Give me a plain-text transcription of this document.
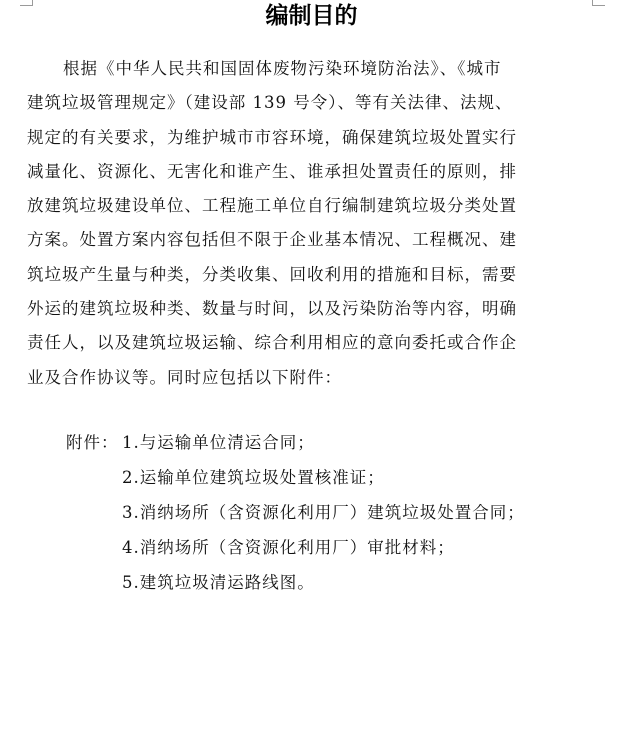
编制目的
根据《中华人民共和国固体废物污染环境防治法》、《城市
建筑垃圾管理规定》（建设部 139 号令）、等有关法律、法规、
规定的有关要求，为维护城市市容环境，确保建筑垃圾处置实行
减量化、资源化、无害化和谁产生、谁承担处置责任的原则，排
放建筑垃圾建设单位、工程施工单位自行编制建筑垃圾分类处置
方案。处置方案内容包括但不限于企业基本情况、工程概况、建
筑垃圾产生量与种类，分类收集、回收利用的措施和目标，需要
外运的建筑垃圾种类、数量与时间，以及污染防治等内容，明确
责任人，以及建筑垃圾运输、综合利用相应的意向委托或合作企
业及合作协议等。同时应包括以下附件：
附件： 1.与运输单位清运合同；
2.运输单位建筑垃圾处置核准证；
3.消纳场所（含资源化利用厂）建筑垃圾处置合同；
4.消纳场所（含资源化利用厂）审批材料；
5.建筑垃圾清运路线图。
